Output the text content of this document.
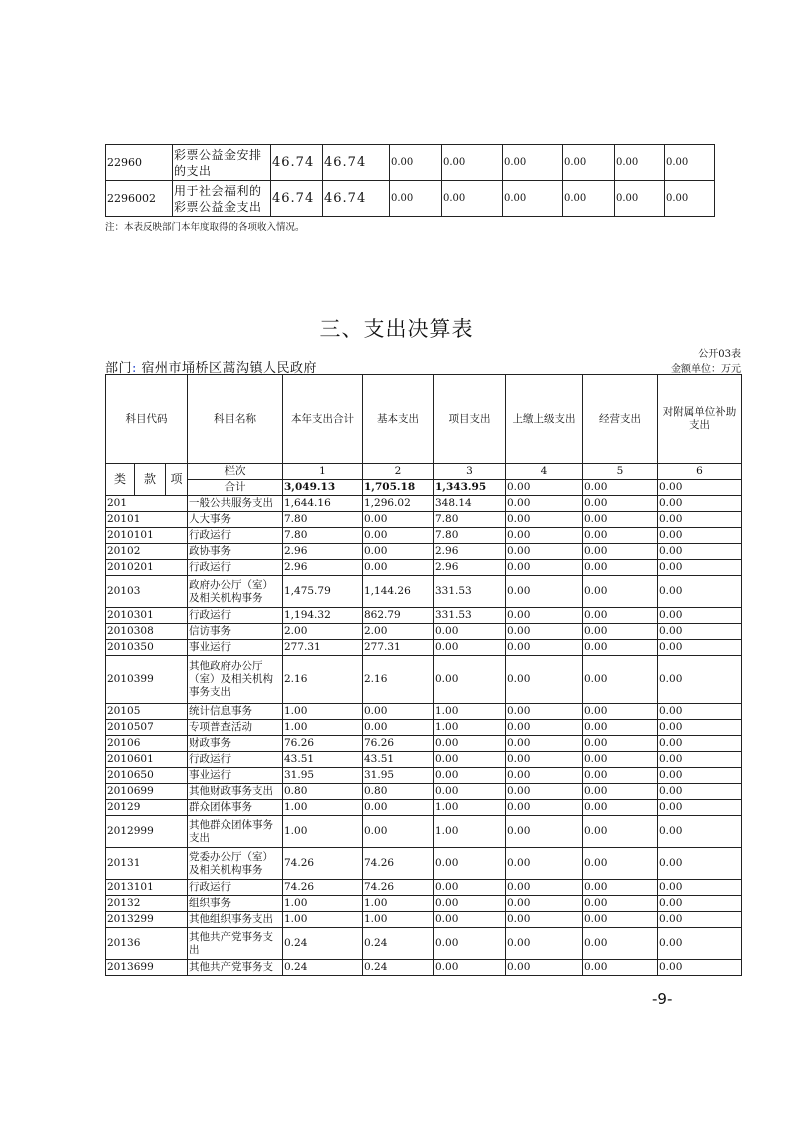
22960	彩票公益金安排的支出	46.74	46.74	0.00	0.00	0.00	0.00	0.00	0.00
2296002	用于社会福利的彩票公益金支出	46.74	46.74	0.00	0.00	0.00	0.00	0.00	0.00
注：本表反映部门本年度取得的各项收入情况。
三、支出决算表
部门: 宿州市埇桥区蒿沟镇人民政府
公开03表
金额单位：万元
科目代码			科目名称	本年支出合计	基本支出	项目支出	上缴上级支出	经营支出	对附属单位补助支出
类	款	项	栏次	1	2	3	4	5	6
			合计	3,049.13	1,705.18	1,343.95	0.00	0.00	0.00
201			一般公共服务支出	1,644.16	1,296.02	348.14	0.00	0.00	0.00
20101			人大事务	7.80	0.00	7.80	0.00	0.00	0.00
2010101			行政运行	7.80	0.00	7.80	0.00	0.00	0.00
20102			政协事务	2.96	0.00	2.96	0.00	0.00	0.00
2010201			行政运行	2.96	0.00	2.96	0.00	0.00	0.00
20103			政府办公厅（室）及相关机构事务	1,475.79	1,144.26	331.53	0.00	0.00	0.00
2010301			行政运行	1,194.32	862.79	331.53	0.00	0.00	0.00
2010308			信访事务	2.00	2.00	0.00	0.00	0.00	0.00
2010350			事业运行	277.31	277.31	0.00	0.00	0.00	0.00
2010399			其他政府办公厅（室）及相关机构事务支出	2.16	2.16	0.00	0.00	0.00	0.00
20105			统计信息事务	1.00	0.00	1.00	0.00	0.00	0.00
2010507			专项普查活动	1.00	0.00	1.00	0.00	0.00	0.00
20106			财政事务	76.26	76.26	0.00	0.00	0.00	0.00
2010601			行政运行	43.51	43.51	0.00	0.00	0.00	0.00
2010650			事业运行	31.95	31.95	0.00	0.00	0.00	0.00
2010699			其他财政事务支出	0.80	0.80	0.00	0.00	0.00	0.00
20129			群众团体事务	1.00	0.00	1.00	0.00	0.00	0.00
2012999			其他群众团体事务支出	1.00	0.00	1.00	0.00	0.00	0.00
20131			党委办公厅（室）及相关机构事务	74.26	74.26	0.00	0.00	0.00	0.00
2013101			行政运行	74.26	74.26	0.00	0.00	0.00	0.00
20132			组织事务	1.00	1.00	0.00	0.00	0.00	0.00
2013299			其他组织事务支出	1.00	1.00	0.00	0.00	0.00	0.00
20136			其他共产党事务支出	0.24	0.24	0.00	0.00	0.00	0.00
2013699			其他共产党事务支	0.24	0.24	0.00	0.00	0.00	0.00
-9-
